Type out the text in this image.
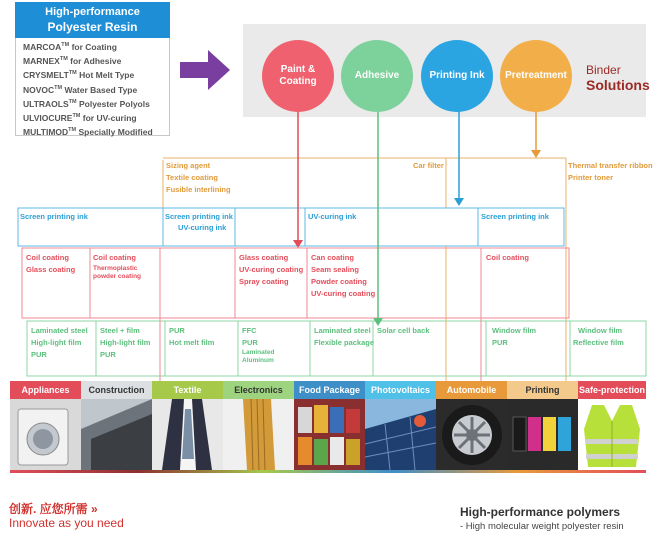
High-performance
Polyester Resin
MARCOA™ for Coating
MARNEX™ for Adhesive
CRYSMELT™ Hot Melt Type
NOVOC™ Water Based Type
ULTRAOLS™ Polyester Polyols
ULVIOCURE™ for UV-curing
MULTIMOD™ Specially Modified
Paint & Coating
Adhesive	Printing Ink	Pretreatment	Binder
Solutions
Sizing agent
Textile coating
Fusible interlining
Car filter	Thermal transfer ribbon
Printer toner
Screen printing ink	Screen printing ink
UV-curing ink
UV-curing ink	Screen printing ink
Coil coating
Glass coating
Coil coating
Thermoplastic
powder coating
Glass coating
UV-curing coating
Spray coating
Can coating
Seam sealing
Powder coating
UV-curing coating
Coil coating
Laminated steel
High-light film
PUR
Steel + film
High-light film
PUR
PUR
Hot melt film
FFC
PUR
Laminated
Aluminum
Laminated steel
Flexible package
Solar cell back	Window film
PUR
Window film
Reflective film
Appliances	Construction	Textile	Electronics	Food Package	Photovoltaics	Automobile	Printing	Safe-protection
创新. 应您所需 »
Innovate as you need
High-performance polymers
- High molecular weight polyester resin
